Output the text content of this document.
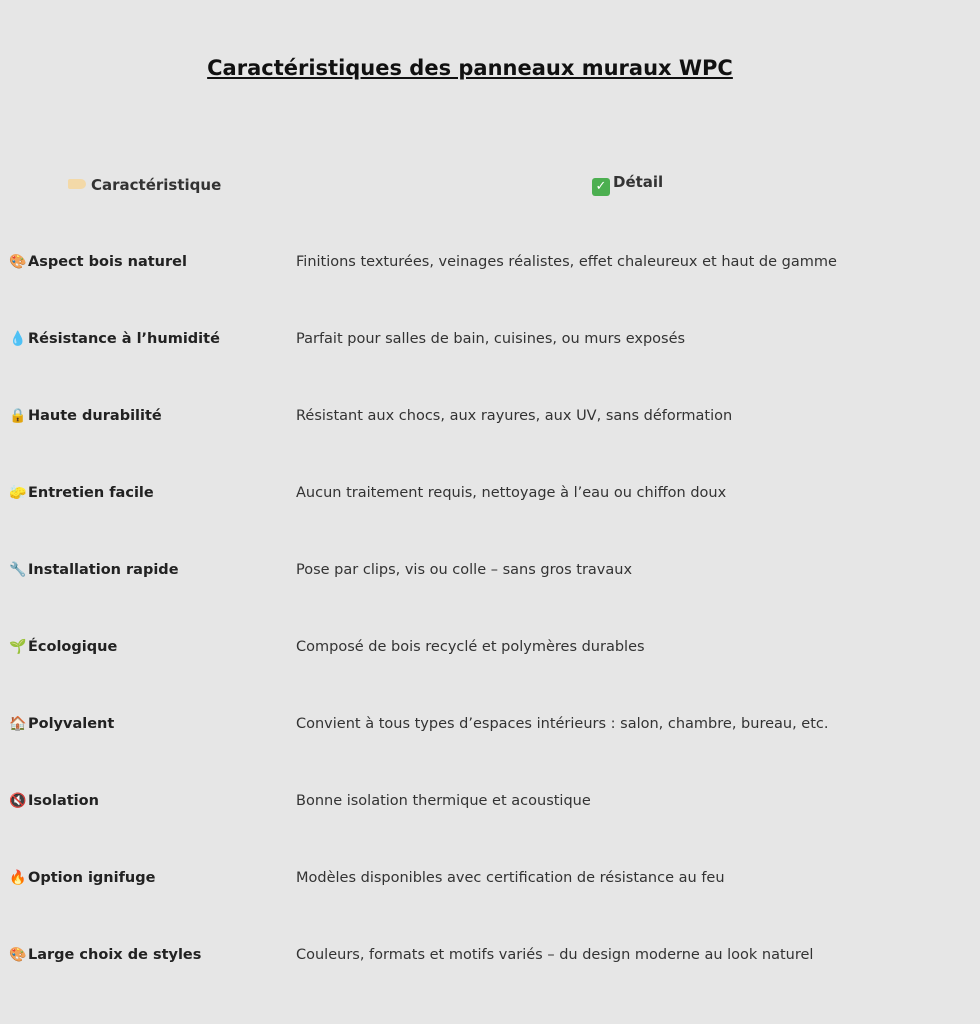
Caractéristiques des panneaux muraux WPC
Caractéristique	✓ Détail
🎨Aspect bois naturel	Finitions texturées, veinages réalistes, effet chaleureux et haut de gamme
💧Résistance à l’humidité	Parfait pour salles de bain, cuisines, ou murs exposés
🔒Haute durabilité	Résistant aux chocs, aux rayures, aux UV, sans déformation
🧽Entretien facile	Aucun traitement requis, nettoyage à l’eau ou chiffon doux
🔧Installation rapide	Pose par clips, vis ou colle – sans gros travaux
🌱Écologique	Composé de bois recyclé et polymères durables
🏠Polyvalent	Convient à tous types d’espaces intérieurs : salon, chambre, bureau, etc.
🔇Isolation	Bonne isolation thermique et acoustique
🔥Option ignifuge	Modèles disponibles avec certification de résistance au feu
🎨Large choix de styles	Couleurs, formats et motifs variés – du design moderne au look naturel
